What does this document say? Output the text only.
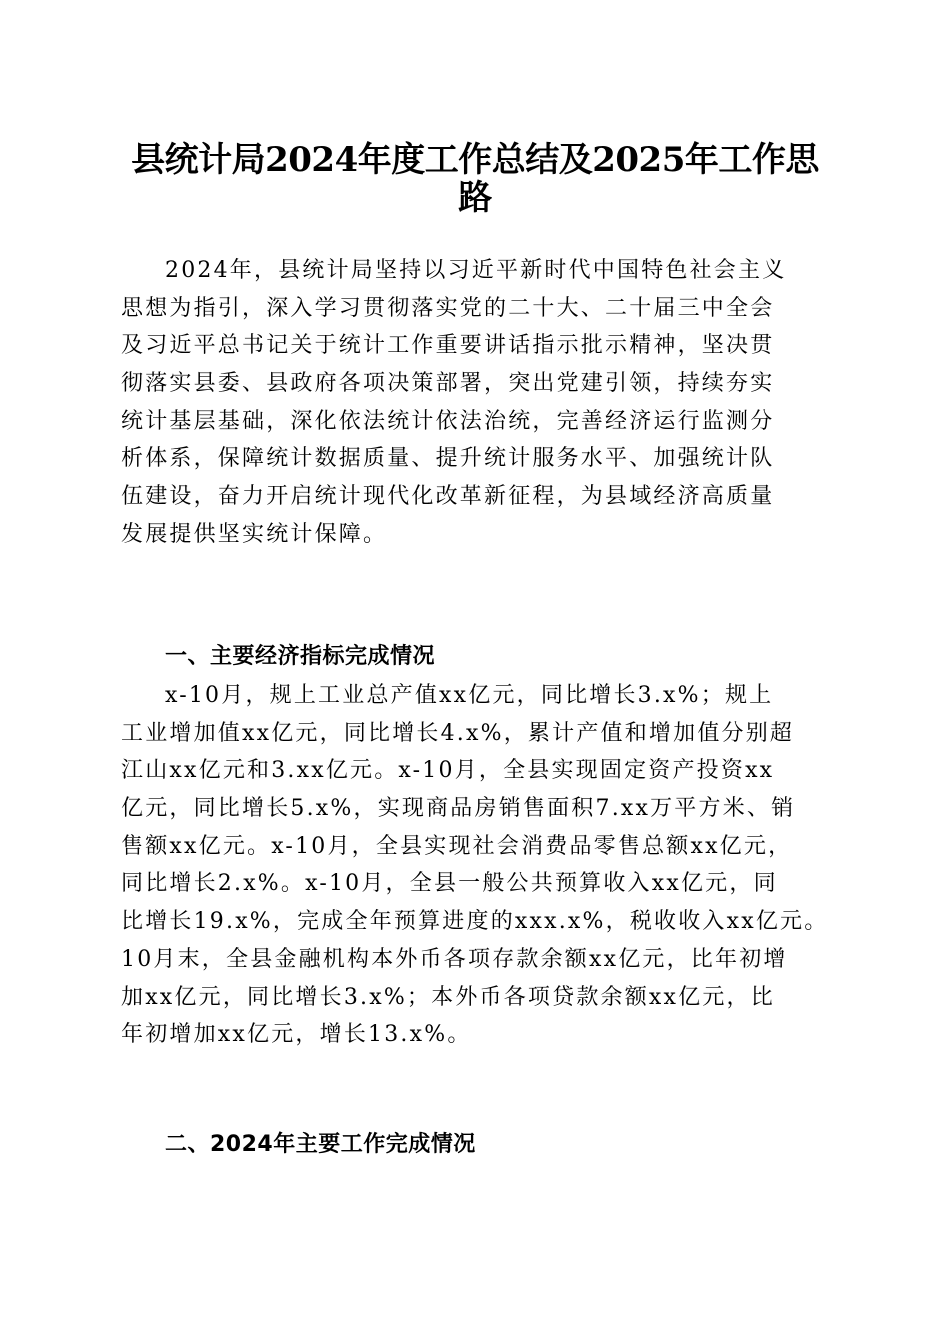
县统计局2024年度工作总结及2025年工作思
路
2024年，县统计局坚持以习近平新时代中国特色社会主义
思想为指引，深入学习贯彻落实党的二十大、二十届三中全会
及习近平总书记关于统计工作重要讲话指示批示精神，坚决贯
彻落实县委、县政府各项决策部署，突出党建引领，持续夯实
统计基层基础，深化依法统计依法治统，完善经济运行监测分
析体系，保障统计数据质量、提升统计服务水平、加强统计队
伍建设，奋力开启统计现代化改革新征程，为县域经济高质量
发展提供坚实统计保障。
一、主要经济指标完成情况
x-10月，规上工业总产值xx亿元，同比增长3.x%；规上
工业增加值xx亿元，同比增长4.x%，累计产值和增加值分别超
江山xx亿元和3.xx亿元。x-10月，全县实现固定资产投资xx
亿元，同比增长5.x%，实现商品房销售面积7.xx万平方米、销
售额xx亿元。x-10月，全县实现社会消费品零售总额xx亿元，
同比增长2.x%。x-10月，全县一般公共预算收入xx亿元，同
比增长19.x%，完成全年预算进度的xxx.x%，税收收入xx亿元。
10月末，全县金融机构本外币各项存款余额xx亿元，比年初增
加xx亿元，同比增长3.x%；本外币各项贷款余额xx亿元，比
年初增加xx亿元，增长13.x%。
二、2024年主要工作完成情况
